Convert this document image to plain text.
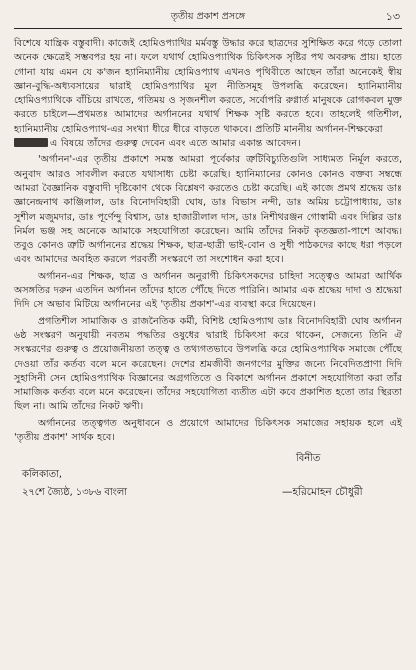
তৃতীয় প্রকাশ প্রসঙ্গে	১৩

বিশেষে যান্ত্রিক বস্তুবাদী। কাজেই হোমিওপ্যাথির মর্মবস্তু উদ্ধার করে ছাত্রদের সুশিক্ষিত করে গড়ে তোলা অনেক ক্ষেত্রেই সম্ভবপর হয় না। ফলে যথার্থ হোমিওপ্যাথিক চিকিৎসক সৃষ্টির পথ অবরুদ্ধ প্রায়। হাতে গোনা যায় এমন যে ক'জন হ্যানিম্যানীয় হোমিওপ্যাথ এখনও পৃথিবীতে আছেন তাঁরা অনেকেই স্বীয় জ্ঞান-বুদ্ধি-অধ্যবসায়ের দ্বারাই হোমিওপ্যাথির মূল নীতিসমূহ উপলব্ধি করেছেন। হ্যানিম্যানীয় হোমিওপ্যাথিকে বাঁচিয়ে রাখতে, গতিময় ও সৃজনশীল করতে, সর্বোপরি রুগ্নার্ত মানুষকে রোগকবল মুক্ত করতে চাইলে—প্রথমতঃ আমাদের অর্গাননের যথার্থ শিক্ষক সৃষ্টি করতে হবে। তাহলেই গতিশীল, হ্যানিম্যানীয় হোমিওপ্যাথ-এর সংখ্যা ধীরে ধীরে বাড়তে থাকবে। প্রতিটি মাননীয় অর্গানন-শিক্ষকেরা

এ বিষয়ে তাঁদের গুরুত্ব দেবেন এবং এতে আমার একান্ত আবেদন।

'অর্গানন'-এর তৃতীয় প্রকাশে সমস্ত আমরা পূর্বেকার ত্রুটিবিচ্যুতিগুলি সাধ্যমত নির্মূল করতে, অনুবাদ আরও সাবলীল করতে যথাসাধ্য চেষ্টা করেছি। হ্যানিম্যানের কোনও কোনও বক্তব্য সম্বন্ধে আমরা বৈজ্ঞানিক বস্তুবাদী দৃষ্টিকোণ থেকে বিশ্লেষণ করতেও চেষ্টা করেছি। এই কাজে প্রমথ শ্রদ্ধেয় ডাঃ জ্ঞানেন্দ্রনাথ কাঞ্জিলাল, ডাঃ বিনোদবিহারী ঘোষ, ডাঃ বিভাস নন্দী, ডাঃ অমিয় চট্টোপাধ্যায়, ডাঃ সুশীল মজুমদার, ডাঃ পূর্ণেন্দু বিশ্বাস, ডাঃ হাজারীলাল দাস, ডাঃ নিশীথরঞ্জন গোস্বামী এবং দিল্লির ডাঃ নির্মল ভঞ্জ সহ অনেকে আমাকে সহযোগিতা করেছেন। আমি তাঁদের নিকট কৃতজ্ঞতা-পাশে আবদ্ধ। তবুও কোনও ত্রুটি অর্গাননের শ্রদ্ধেয় শিক্ষক, ছাত্র-ছাত্রী ভাই-বোন ও সুধী পাঠকদের কাছে ধরা পড়লে এবং আমাদের অবহিত করলে পরবর্তী সংস্করণে তা সংশোধন করা হবে।

অর্গানন-এর শিক্ষক, ছাত্র ও অর্গানন অনুরাগী চিকিৎসকদের চাহিদা সত্ত্বেও আমরা আর্থিক অসঙ্গতির দরুন এতদিন অর্গানন তাঁদের হাতে পৌঁছে দিতে পারিনি। আমার এক শ্রদ্ধেয় দাদা ও শ্রদ্ধেয়া দিদি সে অভাব মিটিয়ে অর্গাননের এই 'তৃতীয় প্রকাশ'-এর ব্যবস্থা করে দিয়েছেন।

প্রগতিশীল সামাজিক ও রাজনৈতিক কর্মী, বিশিষ্ট হোমিওপ্যাথ ডাঃ বিনোদবিহারী ঘোষ অর্গানন ৬ষ্ঠ সংস্করণ অনুযায়ী নবতম পদ্ধতির ওষুধের দ্বারাই চিকিৎসা করে থাকেন, সেজন্যে তিনি ঐ সংস্করণের গুরুত্ব ও প্রয়োজনীয়তা তত্ত্ব ও তথ্যগতভাবে উপলব্ধি করে হোমিওপ্যাথিক সমাজে পৌঁছে দেওয়া তাঁর কর্তব্য বলে মনে করেছেন। দেশের শ্রমজীবী জনগণের মুক্তির জন্যে নিবেদিতপ্রাণা দিদি সুহাসিনী সেন হোমিওপ্যাথিক বিজ্ঞানের অগ্রগতিতে ও বিকাশে অর্গানন প্রকাশে সহযোগিতা করা তাঁর সামাজিক কর্তব্য বলে মনে করেছেন। তাঁদের সহযোগিতা ব্যতীত এটা কবে প্রকাশিত হতো তার স্থিরতা ছিল না। আমি তাঁদের নিকট ঋণী।

অর্গাননের তত্ত্বগত অনুধাবনে ও প্রয়োগে আমাদের চিকিৎসক সমাজের সহায়ক হলে এই 'তৃতীয় প্রকাশ' সার্থক হবে।

বিনীত
কলিকাতা,
২৭শে জ্যৈষ্ঠ, ১৩৮৬ বাংলা	—হরিমোহন চৌধুরী
